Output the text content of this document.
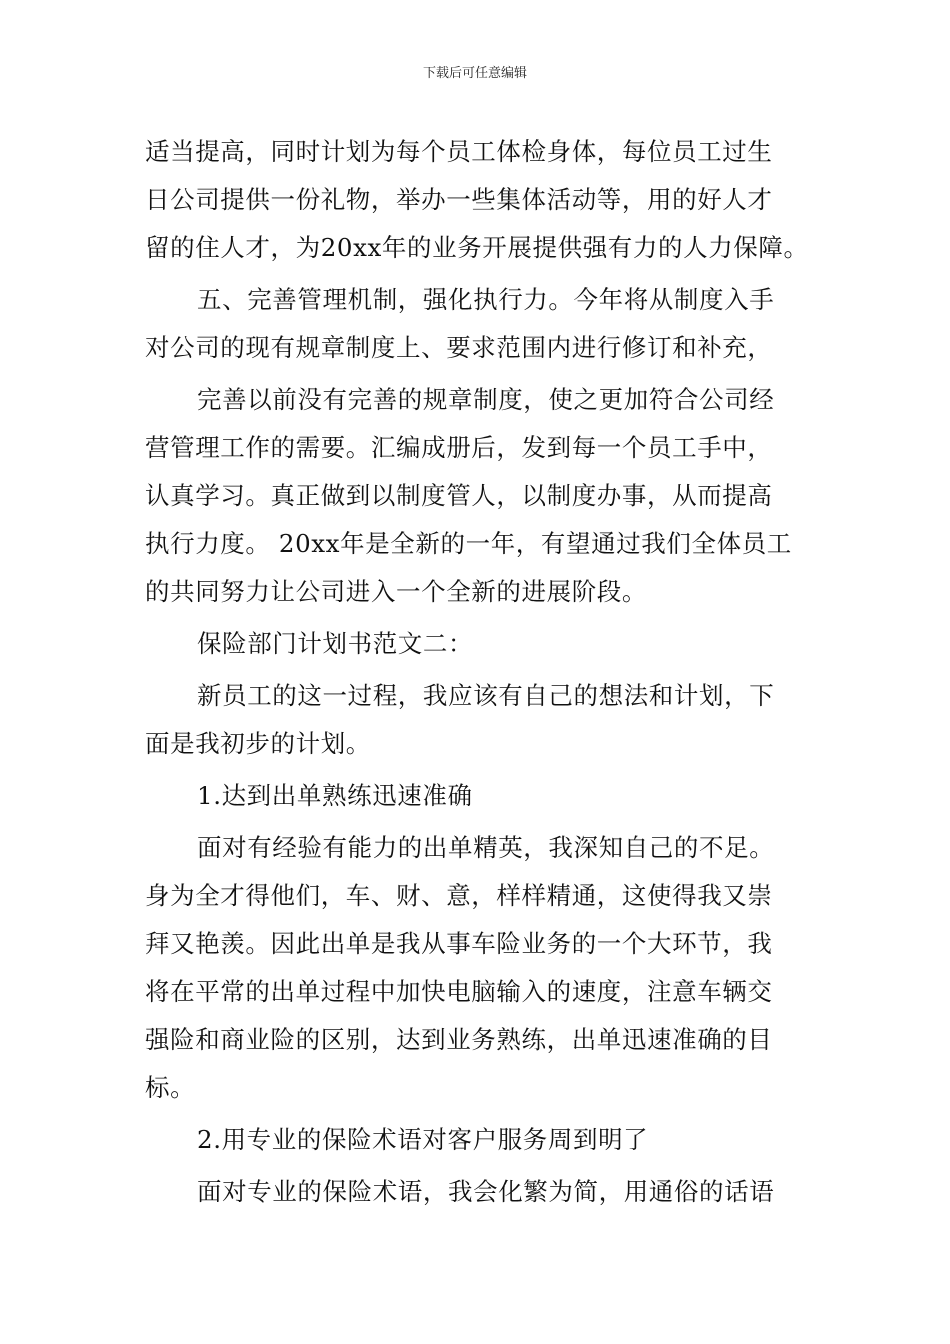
下载后可任意编辑
适当提高，同时计划为每个员工体检身体，每位员工过生
日公司提供一份礼物，举办一些集体活动等，用的好人才
留的住人才，为20xx年的业务开展提供强有力的人力保障。
五、完善管理机制，强化执行力。今年将从制度入手
对公司的现有规章制度上、要求范围内进行修订和补充，
完善以前没有完善的规章制度，使之更加符合公司经
营管理工作的需要。汇编成册后，发到每一个员工手中，
认真学习。真正做到以制度管人，以制度办事，从而提高
执行力度。 20xx年是全新的一年，有望通过我们全体员工
的共同努力让公司进入一个全新的进展阶段。
保险部门计划书范文二：
新员工的这一过程，我应该有自己的想法和计划，下
面是我初步的计划。
1.达到出单熟练迅速准确
面对有经验有能力的出单精英，我深知自己的不足。
身为全才得他们，车、财、意，样样精通，这使得我又崇
拜又艳羡。因此出单是我从事车险业务的一个大环节，我
将在平常的出单过程中加快电脑输入的速度，注意车辆交
强险和商业险的区别，达到业务熟练，出单迅速准确的目
标。
2.用专业的保险术语对客户服务周到明了
面对专业的保险术语，我会化繁为简，用通俗的话语
